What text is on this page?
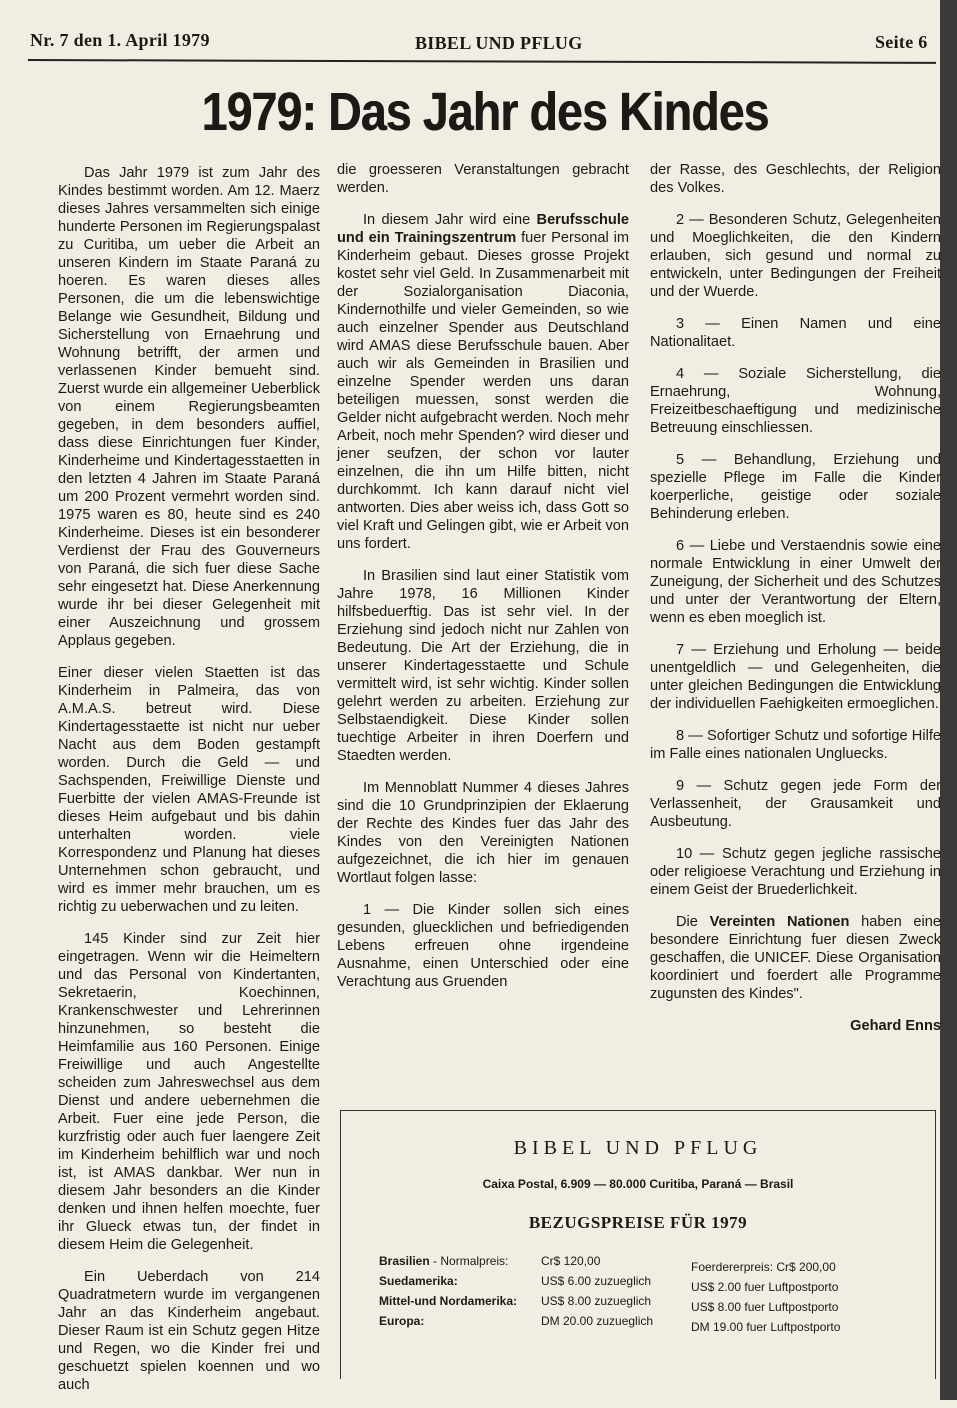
Nr. 7 den 1. April 1979	BIBEL UND PFLUG	Seite 6
1979: Das Jahr des Kindes

Das Jahr 1979 ist zum Jahr des Kindes bestimmt worden. Am 12. Maerz dieses Jahres versammelten sich einige hunderte Personen im Regierungspalast zu Curitiba, um ueber die Arbeit an unseren Kindern im Staate Paraná zu hoeren. Es waren dieses alles Personen, die um die lebenswichtige Belange wie Gesundheit, Bildung und Sicherstellung von Ernaehrung und Wohnung betrifft, der armen und verlassenen Kinder bemueht sind. Zuerst wurde ein allgemeiner Ueberblick von einem Regierungsbeamten gegeben, in dem besonders auffiel, dass diese Einrichtungen fuer Kinder, Kinderheime und Kindertagesstaetten in den letzten 4 Jahren im Staate Paraná um 200 Prozent vermehrt worden sind. 1975 waren es 80, heute sind es 240 Kinderheime. Dieses ist ein besonderer Verdienst der Frau des Gouverneurs von Paraná, die sich fuer diese Sache sehr eingesetzt hat. Diese Anerkennung wurde ihr bei dieser Gelegenheit mit einer Auszeichnung und grossem Applaus gegeben.

Einer dieser vielen Staetten ist das Kinderheim in Palmeira, das von A.M.A.S. betreut wird. Diese Kindertagesstaette ist nicht nur ueber Nacht aus dem Boden gestampft worden. Durch die Geld — und Sachspenden, Freiwillige Dienste und Fuerbitte der vielen AMAS-Freunde ist dieses Heim aufgebaut und bis dahin unterhalten worden. viele Korrespondenz und Planung hat dieses Unternehmen schon gebraucht, und wird es immer mehr brauchen, um es richtig zu ueberwachen und zu leiten.

145 Kinder sind zur Zeit hier eingetragen. Wenn wir die Heimeltern und das Personal von Kindertanten, Sekretaerin, Koechinnen, Krankenschwester und Lehrerinnen hinzunehmen, so besteht die Heimfamilie aus 160 Personen. Einige Freiwillige und auch Angestellte scheiden zum Jahreswechsel aus dem Dienst und andere uebernehmen die Arbeit. Fuer eine jede Person, die kurzfristig oder auch fuer laengere Zeit im Kinderheim behilflich war und noch ist, ist AMAS dankbar. Wer nun in diesem Jahr besonders an die Kinder denken und ihnen helfen moechte, fuer ihr Glueck etwas tun, der findet in diesem Heim die Gelegenheit.

Ein Ueberdach von 214 Quadratmetern wurde im vergangenen Jahr an das Kinderheim angebaut. Dieser Raum ist ein Schutz gegen Hitze und Regen, wo die Kinder frei und geschuetzt spielen koennen und wo auch

die groesseren Veranstaltungen gebracht werden.

In diesem Jahr wird eine Berufsschule und ein Trainingszentrum fuer Personal im Kinderheim gebaut. Dieses grosse Projekt kostet sehr viel Geld. In Zusammenarbeit mit der Sozialorganisation Diaconia, Kindernothilfe und vieler Gemeinden, so wie auch einzelner Spender aus Deutschland wird AMAS diese Berufsschule bauen. Aber auch wir als Gemeinden in Brasilien und einzelne Spender werden uns daran beteiligen muessen, sonst werden die Gelder nicht aufgebracht werden. Noch mehr Arbeit, noch mehr Spenden? wird dieser und jener seufzen, der schon vor lauter einzelnen, die ihn um Hilfe bitten, nicht durchkommt. Ich kann darauf nicht viel antworten. Dies aber weiss ich, dass Gott so viel Kraft und Gelingen gibt, wie er Arbeit von uns fordert.

In Brasilien sind laut einer Statistik vom Jahre 1978, 16 Millionen Kinder hilfsbeduerftig. Das ist sehr viel. In der Erziehung sind jedoch nicht nur Zahlen von Bedeutung. Die Art der Erziehung, die in unserer Kindertagesstaette und Schule vermittelt wird, ist sehr wichtig. Kinder sollen gelehrt werden zu arbeiten. Erziehung zur Selbstaendigkeit. Diese Kinder sollen tuechtige Arbeiter in ihren Doerfern und Staedten werden.

Im Mennoblatt Nummer 4 dieses Jahres sind die 10 Grundprinzipien der Eklaerung der Rechte des Kindes fuer das Jahr des Kindes von den Vereinigten Nationen aufgezeichnet, die ich hier im genauen Wortlaut folgen lasse:

1 — Die Kinder sollen sich eines gesunden, gluecklichen und befriedigenden Lebens erfreuen ohne irgendeine Ausnahme, einen Unterschied oder eine Verachtung aus Gruenden

der Rasse, des Geschlechts, der Religion des Volkes.

2 — Besonderen Schutz, Gelegenheiten und Moeglichkeiten, die den Kindern erlauben, sich gesund und normal zu entwickeln, unter Bedingungen der Freiheit und der Wuerde.

3 — Einen Namen und eine Nationalitaet.

4 — Soziale Sicherstellung, die Ernaehrung, Wohnung, Freizeitbeschaeftigung und medizinische Betreuung einschliessen.

5 — Behandlung, Erziehung und spezielle Pflege im Falle die Kinder koerperliche, geistige oder soziale Behinderung erleben.

6 — Liebe und Verstaendnis sowie eine normale Entwicklung in einer Umwelt der Zuneigung, der Sicherheit und des Schutzes und unter der Verantwortung der Eltern, wenn es eben moeglich ist.

7 — Erziehung und Erholung — beide unentgeldlich — und Gelegenheiten, die unter gleichen Bedingungen die Entwicklung der individuellen Faehigkeiten ermoeglichen.

8 — Sofortiger Schutz und sofortige Hilfe im Falle eines nationalen Ungluecks.

9 — Schutz gegen jede Form der Verlassenheit, der Grausamkeit und Ausbeutung.

10 — Schutz gegen jegliche rassische oder religioese Verachtung und Erziehung in einem Geist der Bruederlichkeit.

Die Vereinten Nationen haben eine besondere Einrichtung fuer diesen Zweck geschaffen, die UNICEF. Diese Organisation koordiniert und foerdert alle Programme zugunsten des Kindes".

Gehard Enns

BIBEL UND PFLUG
Caixa Postal, 6.909 — 80.000 Curitiba, Paraná — Brasil
BEZUGSPREISE FÜR 1979
Brasilien - Normalpreis:
Suedamerika:
Mittel-und Nordamerika:
Europa:
Cr$ 120,00
US$ 6.00 zuzueglich
US$ 8.00 zuzueglich
DM 20.00 zuzueglich
Foerdererpreis: Cr$ 200,00
US$ 2.00 fuer Luftpostporto
US$ 8.00 fuer Luftpostporto
DM 19.00 fuer Luftpostporto
